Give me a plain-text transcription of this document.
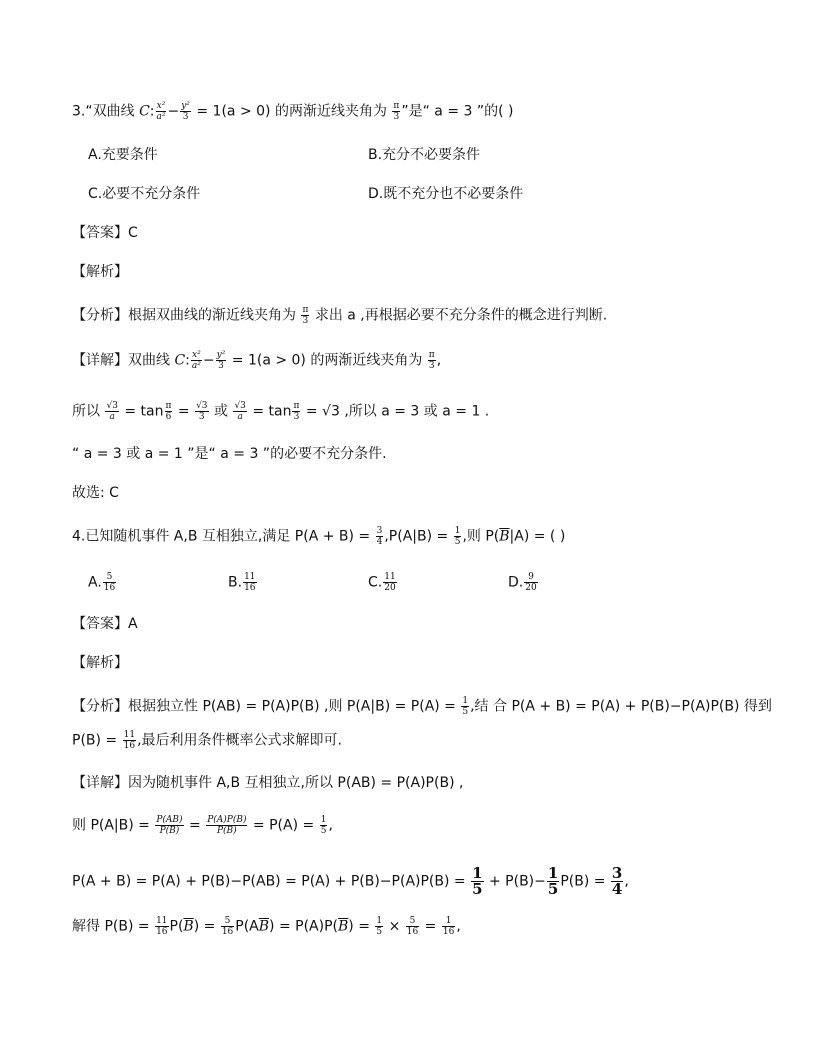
3.“双曲线 C: $\frac{\text{x²}}{\text{a²}} - \frac{\text{y²}}{3} = 1(a > 0)$ 的两渐近线夹角为 $\frac{\pi}{3}$ ”是“ a = 3 ”的( )
A.充要条件	B.充分不必要条件
C.必要不充分条件	D.既不充分也不必要条件
【答案】C
【解析】
【分析】根据双曲线的渐近线夹角为 $\frac{\pi}{3}$ 求出 a ,再根据必要不充分条件的概念进行判断.
【详解】双曲线 C: $\frac{\text{x²}}{\text{a²}} - \frac{\text{y²}}{3} = 1(a > 0)$ 的两渐近线夹角为 $\frac{\pi}{3}$ ,
所以 $\frac{√3}{a} = \tan \frac{\pi}{6} = \frac{√3}{3}$ 或 $\frac{√3}{a} = \tan \frac{\pi}{3} = √3$ ,所以 a = 3 或 a = 1 .
“ a = 3 或 a = 1 ”是“ a = 3 ”的必要不充分条件.
故选: C
4.已知随机事件 A,B 互相独立,满足 $P(A + B) = \frac{3}{4} ,P(A|B) = \frac{1}{5}$ ,则 $P(\overline{B}|A)$ = ( )
A. $\frac{5}{16}$	B. $\frac{11}{16}$	C. $\frac{11}{20}$	D. $\frac{9}{20}$
【答案】A
【解析】
【分析】根据独立性 P(AB) = P(A)P(B) ,则 $P(A|B) = P(A) = \frac{1}{5}$ ,结 合 P(A + B) = P(A) + P(B)−P(A)P(B) 得到
$P(B) = \frac{11}{16}$ ,最后利用条件概率公式求解即可.
【详解】因为随机事件 A,B 互相独立,所以 P(AB) = P(A)P(B) ,
则 $P(A|B) = \frac{P(AB)}{P(B)} = \frac{P(A)P(B)}{P(B)} = P(A) = \frac{1}{5}$ ,
$P(A + B) = P(A) + P(B)-P(AB) = P(A) + P(B)-P(A)P(B) = \frac{1}{5} + P(B)- \frac{1}{5} P(B) = \frac{3}{4}$ ,
解得 $P(B) = \frac{11}{16} P(\overline{B}) = \frac{5}{16} P(A\overline{B}) = P(A)P(\overline{B}) = \frac{1}{5} \times \frac{5}{16} = \frac{1}{16}$ ,
